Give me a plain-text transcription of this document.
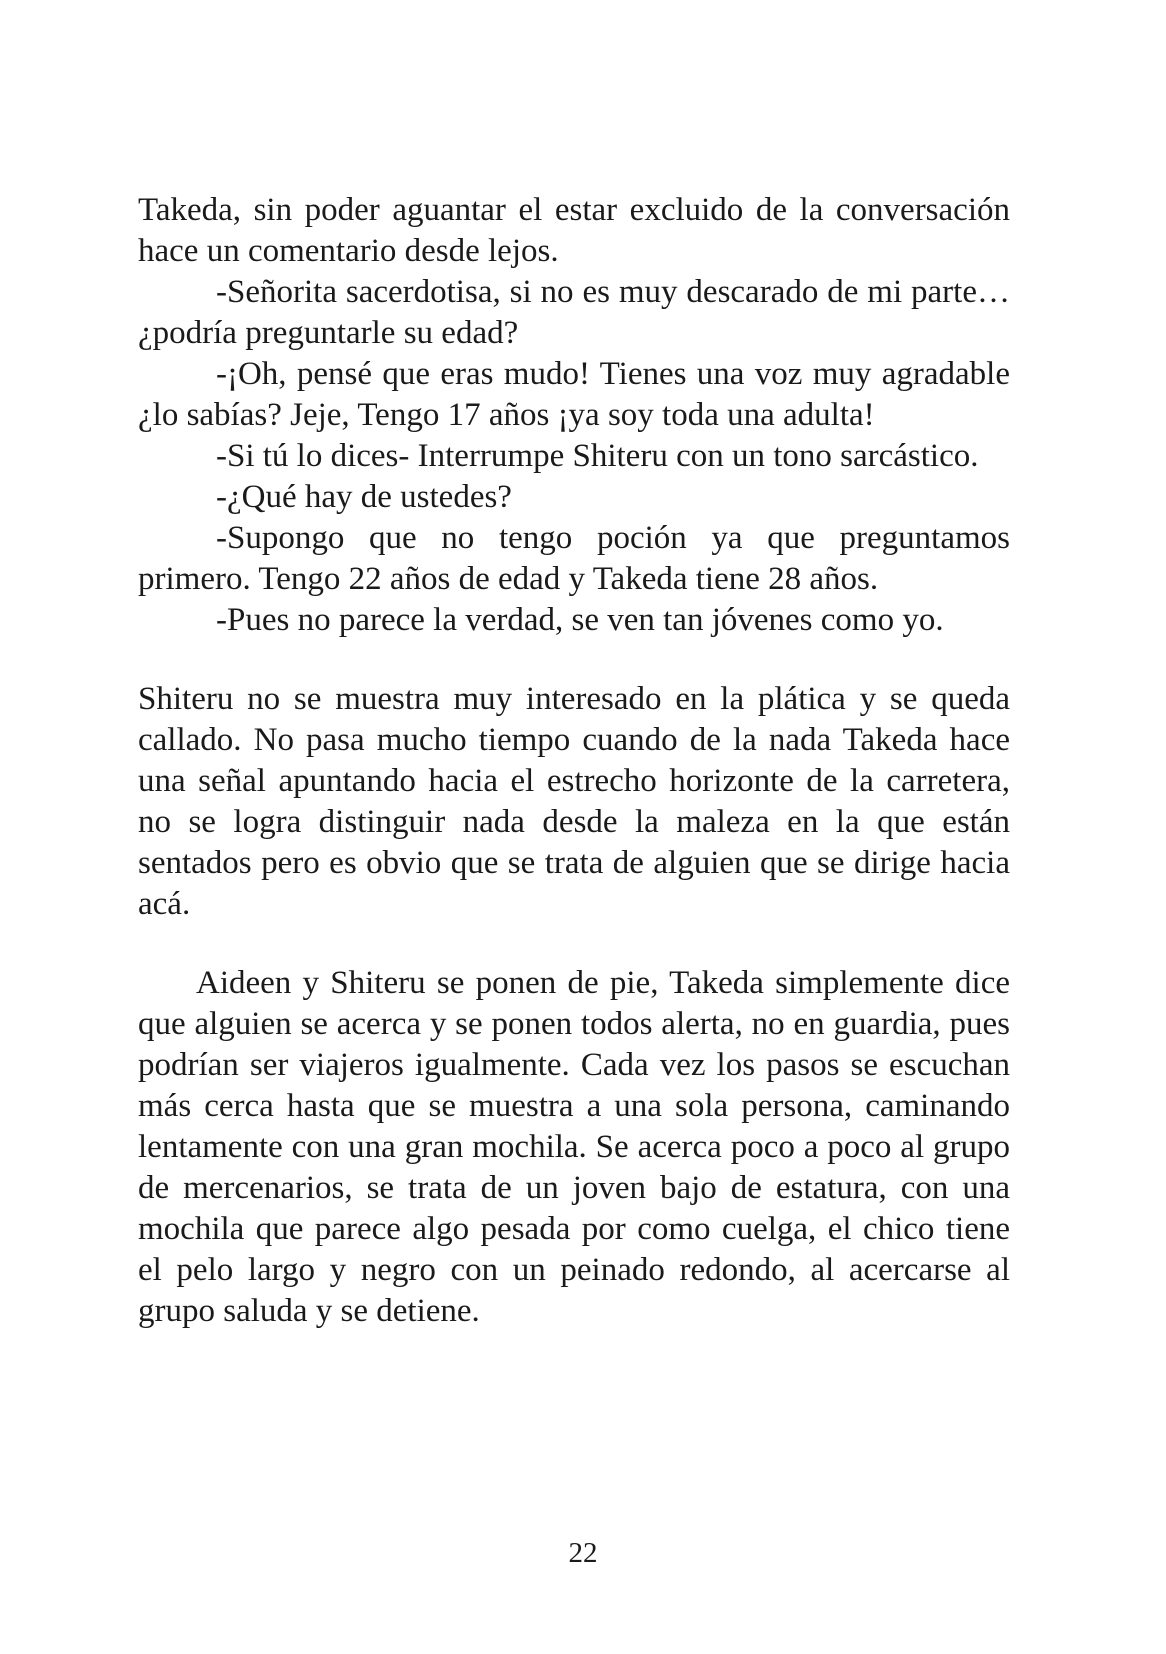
Takeda, sin poder aguantar el estar excluido de la conversación hace un comentario desde lejos.

-Señorita sacerdotisa, si no es muy descarado de mi parte… ¿podría preguntarle su edad?

-¡Oh, pensé que eras mudo! Tienes una voz muy agradable ¿lo sabías? Jeje, Tengo 17 años ¡ya soy toda una adulta!

-Si tú lo dices- Interrumpe Shiteru con un tono sarcástico.

-¿Qué hay de ustedes?

-Supongo que no tengo poción ya que preguntamos primero. Tengo 22 años de edad y Takeda tiene 28 años.

-Pues no parece la verdad, se ven tan jóvenes como yo.

Shiteru no se muestra muy interesado en la plática y se queda callado. No pasa mucho tiempo cuando de la nada Takeda hace una señal apuntando hacia el estrecho horizonte de la carretera, no se logra distinguir nada desde la maleza en la que están sentados pero es obvio que se trata de alguien que se dirige hacia acá.

Aideen y Shiteru se ponen de pie, Takeda simplemente dice que alguien se acerca y se ponen todos alerta, no en guardia, pues podrían ser viajeros igualmente. Cada vez los pasos se escuchan más cerca hasta que se muestra a una sola persona, caminando lentamente con una gran mochila. Se acerca poco a poco al grupo de mercenarios, se trata de un joven bajo de estatura, con una mochila que parece algo pesada por como cuelga, el chico tiene el pelo largo y negro con un peinado redondo, al acercarse al grupo saluda y se detiene.

22
